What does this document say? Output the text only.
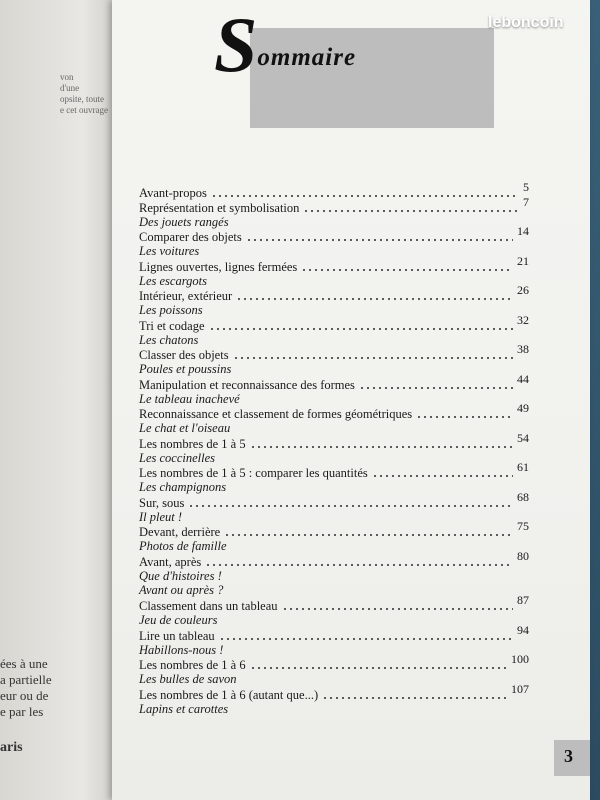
von
d'une
opsite, toute
e cet ouvrage
ées à une
a partielle
eur ou de
e par les
aris
Sommaire
Avant-propos	5
Représentation et symbolisation	7
Des jouets rangés
Comparer des objets	14
Les voitures
Lignes ouvertes, lignes fermées	21
Les escargots
Intérieur, extérieur	26
Les poissons
Tri et codage	32
Les chatons
Classer des objets	38
Poules et poussins
Manipulation et reconnaissance des formes	44
Le tableau inachevé
Reconnaissance et classement de formes géométriques	49
Le chat et l'oiseau
Les nombres de 1 à 5	54
Les coccinelles
Les nombres de 1 à 5 : comparer les quantités	61
Les champignons
Sur, sous	68
Il pleut !
Devant, derrière	75
Photos de famille
Avant, après	80
Que d'histoires !
Avant ou après ?
Classement dans un tableau	87
Jeu de couleurs
Lire un tableau	94
Habillons-nous !
Les nombres de 1 à 6	100
Les bulles de savon
Les nombres de 1 à 6 (autant que...)	107
Lapins et carottes
3
leboncoin
